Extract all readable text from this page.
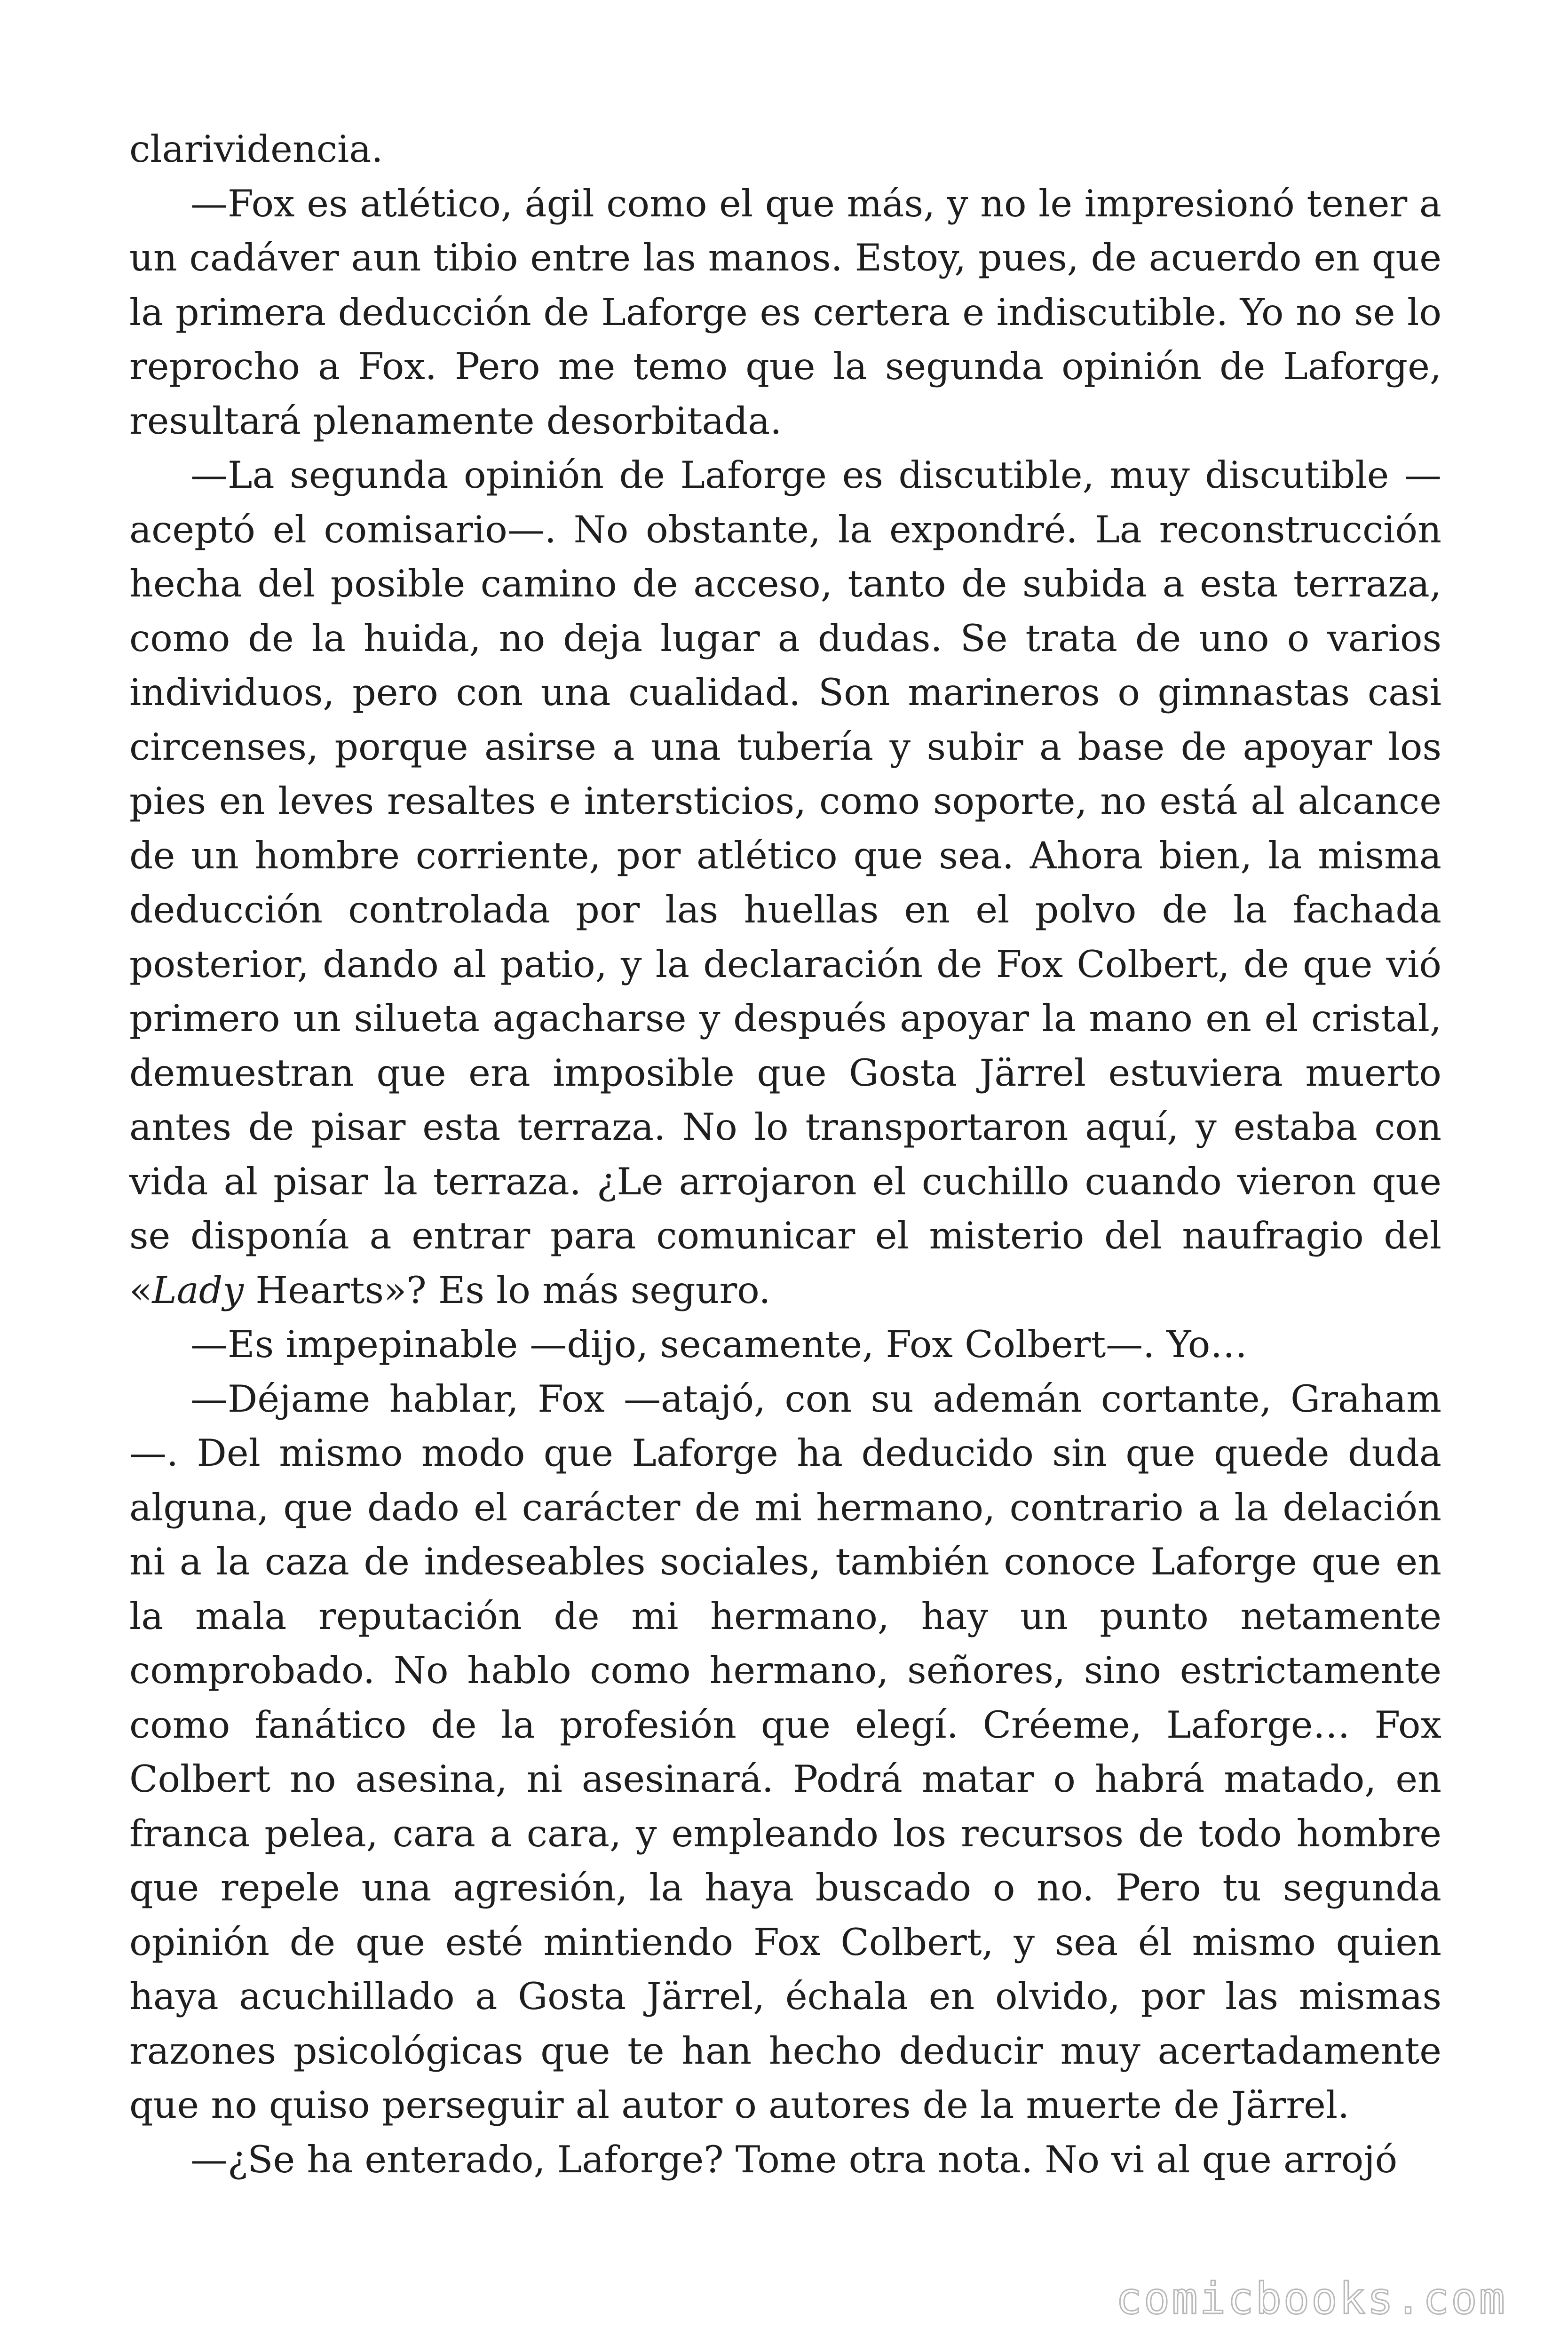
clarividencia.

—Fox es atlético, ágil como el que más, y no le impresionó tener a un cadáver aun tibio entre las manos. Estoy, pues, de acuerdo en que la primera deducción de Laforge es certera e indiscutible. Yo no se lo reprocho a Fox. Pero me temo que la segunda opinión de Laforge, resultará plenamente desorbitada.

—La segunda opinión de Laforge es discutible, muy discutible —aceptó el comisario—. No obstante, la expondré. La reconstrucción hecha del posible camino de acceso, tanto de subida a esta terraza, como de la huida, no deja lugar a dudas. Se trata de uno o varios individuos, pero con una cualidad. Son marineros o gimnastas casi circenses, porque asirse a una tubería y subir a base de apoyar los pies en leves resaltes e intersticios, como soporte, no está al alcance de un hombre corriente, por atlético que sea. Ahora bien, la misma deducción controlada por las huellas en el polvo de la fachada posterior, dando al patio, y la declaración de Fox Colbert, de que vió primero un silueta agacharse y después apoyar la mano en el cristal, demuestran que era imposible que Gosta Järrel estuviera muerto antes de pisar esta terraza. No lo transportaron aquí, y estaba con vida al pisar la terraza. ¿Le arrojaron el cuchillo cuando vieron que se disponía a entrar para comunicar el misterio del naufragio del «Lady Hearts»? Es lo más seguro.

—Es impepinable —dijo, secamente, Fox Colbert—. Yo…

—Déjame hablar, Fox —atajó, con su ademán cortante, Graham —. Del mismo modo que Laforge ha deducido sin que quede duda alguna, que dado el carácter de mi hermano, contrario a la delación ni a la caza de indeseables sociales, también conoce Laforge que en la mala reputación de mi hermano, hay un punto netamente comprobado. No hablo como hermano, señores, sino estrictamente como fanático de la profesión que elegí. Créeme, Laforge… Fox Colbert no asesina, ni asesinará. Podrá matar o habrá matado, en franca pelea, cara a cara, y empleando los recursos de todo hombre que repele una agresión, la haya buscado o no. Pero tu segunda opinión de que esté mintiendo Fox Colbert, y sea él mismo quien haya acuchillado a Gosta Järrel, échala en olvido, por las mismas razones psicológicas que te han hecho deducir muy acertadamente que no quiso perseguir al autor o autores de la muerte de Järrel.

—¿Se ha enterado, Laforge? Tome otra nota. No vi al que arrojó

comicbooks.com
